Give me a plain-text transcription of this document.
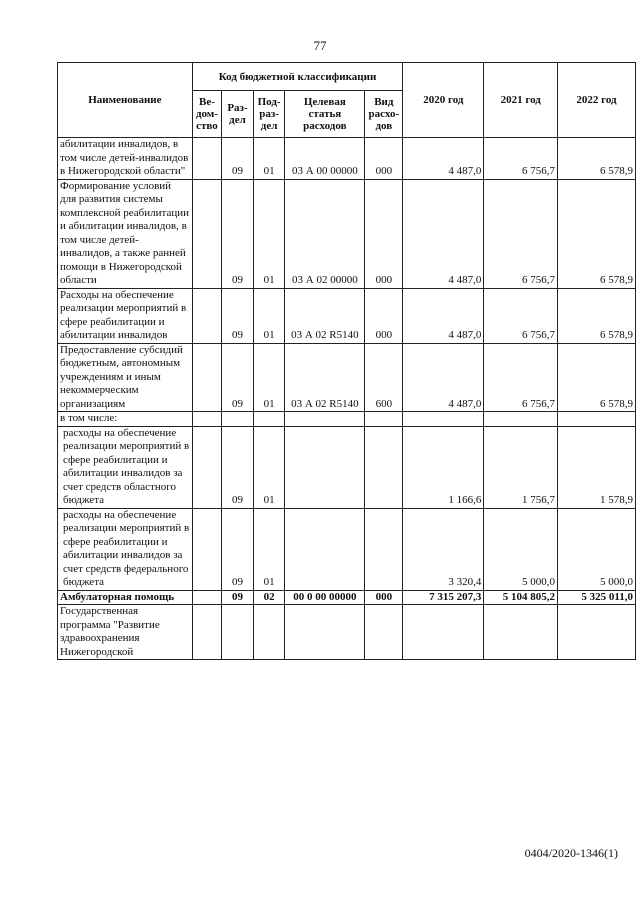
77
Наименование	Код бюджетной классификации					2020 год	2021 год	2022 год
	Ве-дом-ство	Раз-дел	Под-раз-дел	Целевая статья расходов	Вид расхо-дов			
абилитации инвалидов, в том числе детей-инвалидов в Нижегородской области"		09	01	03 А 00 00000	000	4 487,0	6 756,7	6 578,9
Формирование условий для развития системы комплексной реабилитации и абилитации инвалидов, в том числе детей-инвалидов, а также ранней помощи в Нижегородской области		09	01	03 А 02 00000	000	4 487,0	6 756,7	6 578,9
Расходы на обеспечение реализации мероприятий в сфере реабилитации и абилитации инвалидов		09	01	03 А 02 R5140	000	4 487,0	6 756,7	6 578,9
Предоставление субсидий бюджетным, автономным учреждениям и иным некоммерческим организациям		09	01	03 А 02 R5140	600	4 487,0	6 756,7	6 578,9
в том числе:								
расходы на обеспечение реализации мероприятий в сфере реабилитации и абилитации инвалидов за счет средств областного бюджета		09	01			1 166,6	1 756,7	1 578,9
расходы на обеспечение реализации мероприятий в сфере реабилитации и абилитации инвалидов за счет средств федерального бюджета		09	01			3 320,4	5 000,0	5 000,0
Амбулаторная помощь		09	02	00 0 00 00000	000	7 315 207,3	5 104 805,2	5 325 011,0
Государственная программа "Развитие здравоохранения Нижегородской								
0404/2020-1346(1)
